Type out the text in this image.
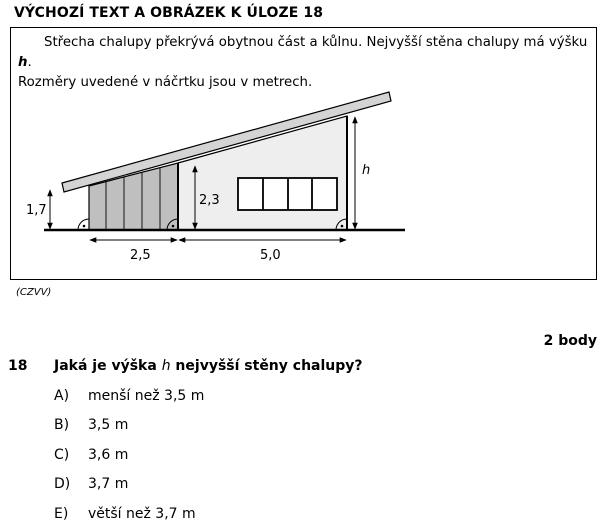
VÝCHOZÍ TEXT A OBRÁZEK K ÚLOZE 18

Střecha chalupy překrývá obytnou část a kůlnu. Nejvyšší stěna chalupy má výšku h.
Rozměry uvedené v náčrtku jsou v metrech.

1,7
2,3
h
2,5	5,0
(CZVV)
2 body
18 Jaká je výška h nejvyšší stěny chalupy?
A) menší než 3,5 m
B) 3,5 m
C) 3,6 m
D) 3,7 m
E) větší než 3,7 m
